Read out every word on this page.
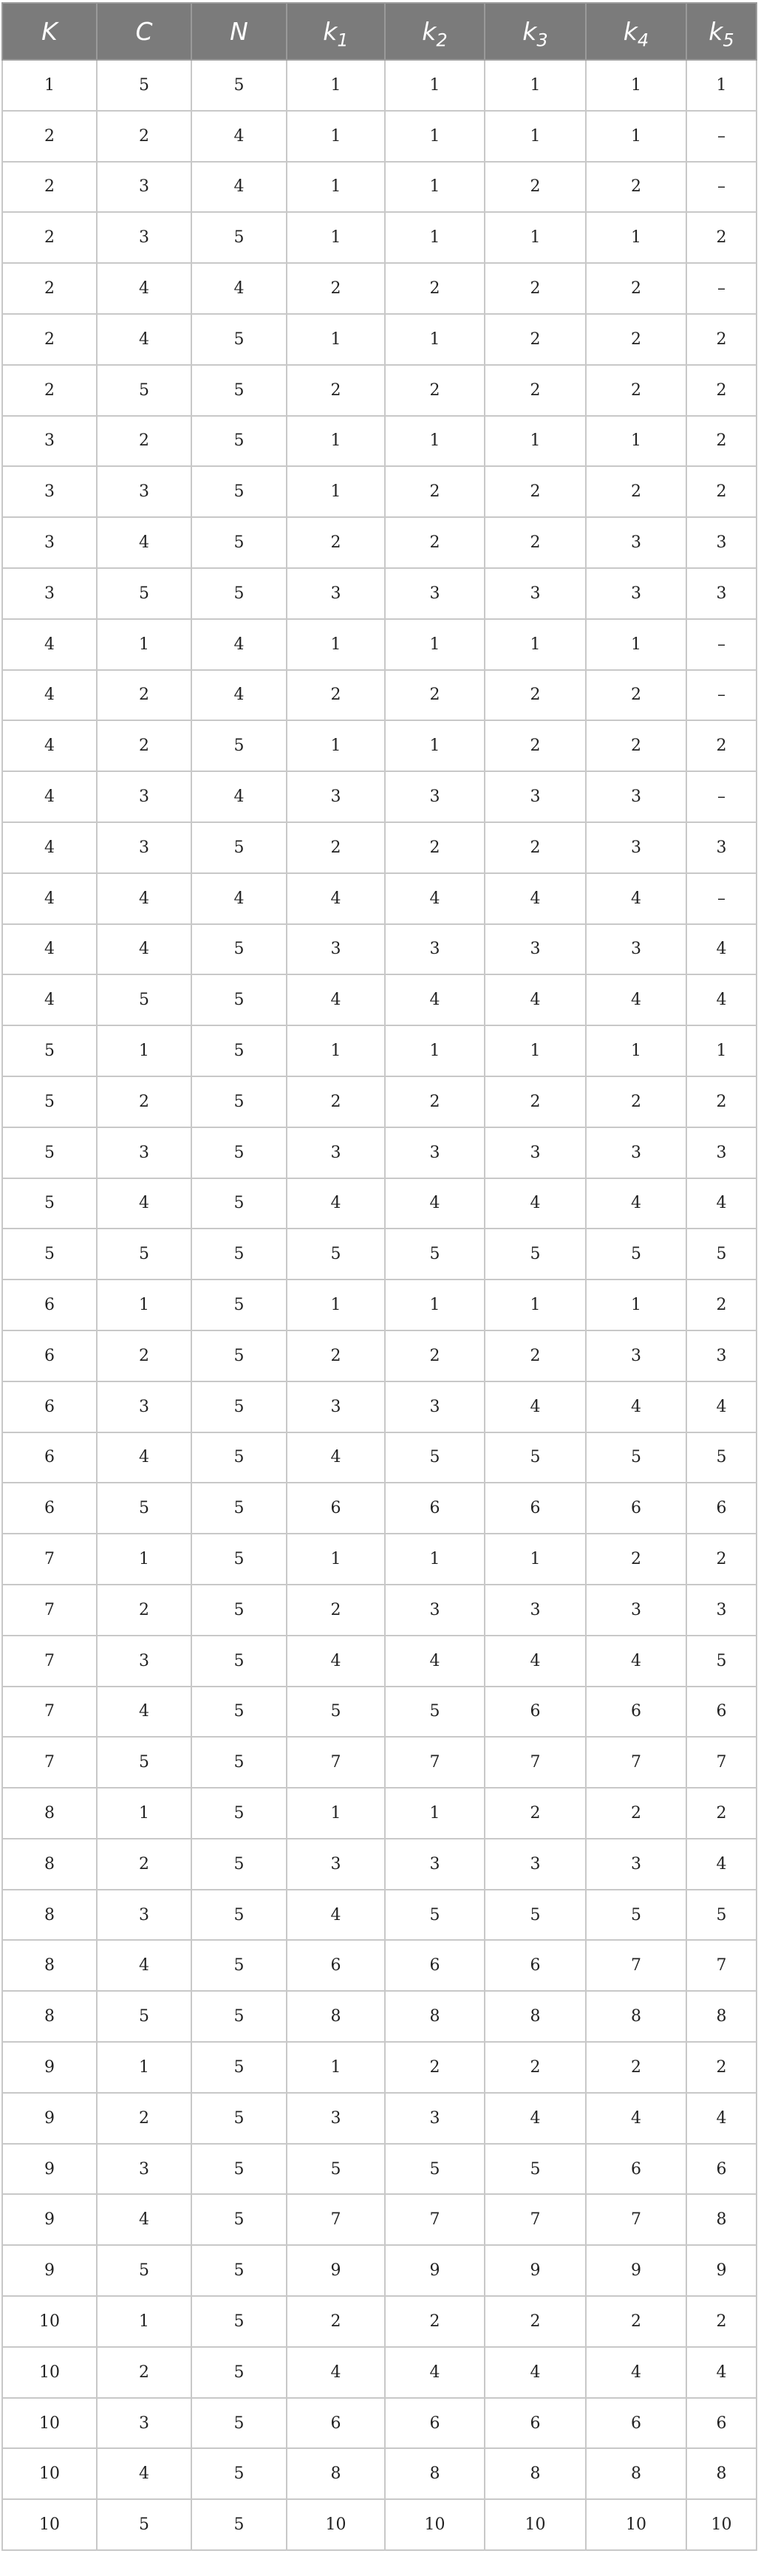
K	C	N	$k_1$	$k_2$	$k_3$	$k_4$	$k_5$
1	5	5	1	1	1	1	1
2	2	4	1	1	1	1	–
2	3	4	1	1	2	2	–
2	3	5	1	1	1	1	2
2	4	4	2	2	2	2	–
2	4	5	1	1	2	2	2
2	5	5	2	2	2	2	2
3	2	5	1	1	1	1	2
3	3	5	1	2	2	2	2
3	4	5	2	2	2	3	3
3	5	5	3	3	3	3	3
4	1	4	1	1	1	1	–
4	2	4	2	2	2	2	–
4	2	5	1	1	2	2	2
4	3	4	3	3	3	3	–
4	3	5	2	2	2	3	3
4	4	4	4	4	4	4	–
4	4	5	3	3	3	3	4
4	5	5	4	4	4	4	4
5	1	5	1	1	1	1	1
5	2	5	2	2	2	2	2
5	3	5	3	3	3	3	3
5	4	5	4	4	4	4	4
5	5	5	5	5	5	5	5
6	1	5	1	1	1	1	2
6	2	5	2	2	2	3	3
6	3	5	3	3	4	4	4
6	4	5	4	5	5	5	5
6	5	5	6	6	6	6	6
7	1	5	1	1	1	2	2
7	2	5	2	3	3	3	3
7	3	5	4	4	4	4	5
7	4	5	5	5	6	6	6
7	5	5	7	7	7	7	7
8	1	5	1	1	2	2	2
8	2	5	3	3	3	3	4
8	3	5	4	5	5	5	5
8	4	5	6	6	6	7	7
8	5	5	8	8	8	8	8
9	1	5	1	2	2	2	2
9	2	5	3	3	4	4	4
9	3	5	5	5	5	6	6
9	4	5	7	7	7	7	8
9	5	5	9	9	9	9	9
10	1	5	2	2	2	2	2
10	2	5	4	4	4	4	4
10	3	5	6	6	6	6	6
10	4	5	8	8	8	8	8
10	5	5	10	10	10	10	10
